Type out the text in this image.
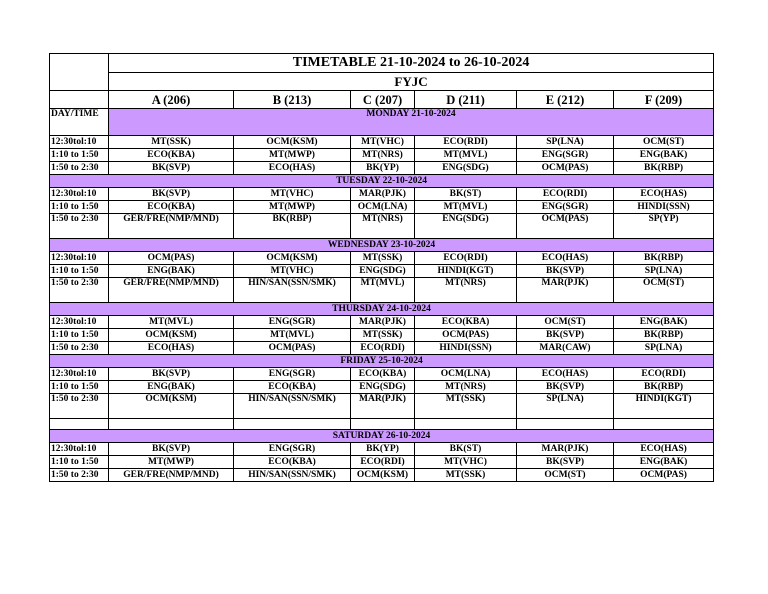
	TIMETABLE 21-10-2024 to 26-10-2024					
	FYJC					
	A (206)	B (213)	C (207)	D (211)	E (212)	F (209)
DAY/TIME	MONDAY 21-10-2024					
12:30tol:10	MT(SSK)	OCM(KSM)	MT(VHC)	ECO(RDI)	SP(LNA)	OCM(ST)
1:10 to 1:50	ECO(KBA)	MT(MWP)	MT(NRS)	MT(MVL)	ENG(SGR)	ENG(BAK)
1:50 to 2:30	BK(SVP)	ECO(HAS)	BK(YP)	ENG(SDG)	OCM(PAS)	BK(RBP)
TUESDAY 22-10-2024						
12:30tol:10	BK(SVP)	MT(VHC)	MAR(PJK)	BK(ST)	ECO(RDI)	ECO(HAS)
1:10 to 1:50	ECO(KBA)	MT(MWP)	OCM(LNA)	MT(MVL)	ENG(SGR)	HINDI(SSN)
1:50 to 2:30	GER/FRE(NMP/MND)	BK(RBP)	MT(NRS)	ENG(SDG)	OCM(PAS)	SP(YP)
WEDNESDAY 23-10-2024						
12:30tol:10	OCM(PAS)	OCM(KSM)	MT(SSK)	ECO(RDI)	ECO(HAS)	BK(RBP)
1:10 to 1:50	ENG(BAK)	MT(VHC)	ENG(SDG)	HINDI(KGT)	BK(SVP)	SP(LNA)
1:50 to 2:30	GER/FRE(NMP/MND)	HIN/SAN(SSN/SMK)	MT(MVL)	MT(NRS)	MAR(PJK)	OCM(ST)
THURSDAY 24-10-2024						
12:30tol:10	MT(MVL)	ENG(SGR)	MAR(PJK)	ECO(KBA)	OCM(ST)	ENG(BAK)
1:10 to 1:50	OCM(KSM)	MT(MVL)	MT(SSK)	OCM(PAS)	BK(SVP)	BK(RBP)
1:50 to 2:30	ECO(HAS)	OCM(PAS)	ECO(RDI)	HINDI(SSN)	MAR(CAW)	SP(LNA)
FRIDAY 25-10-2024						
12:30tol:10	BK(SVP)	ENG(SGR)	ECO(KBA)	OCM(LNA)	ECO(HAS)	ECO(RDI)
1:10 to 1:50	ENG(BAK)	ECO(KBA)	ENG(SDG)	MT(NRS)	BK(SVP)	BK(RBP)
1:50 to 2:30	OCM(KSM)	HIN/SAN(SSN/SMK)	MAR(PJK)	MT(SSK)	SP(LNA)	HINDI(KGT)

SATURDAY 26-10-2024						
12:30tol:10	BK(SVP)	ENG(SGR)	BK(YP)	BK(ST)	MAR(PJK)	ECO(HAS)
1:10 to 1:50	MT(MWP)	ECO(KBA)	ECO(RDI)	MT(VHC)	BK(SVP)	ENG(BAK)
1:50 to 2:30	GER/FRE(NMP/MND)	HIN/SAN(SSN/SMK)	OCM(KSM)	MT(SSK)	OCM(ST)	OCM(PAS)
